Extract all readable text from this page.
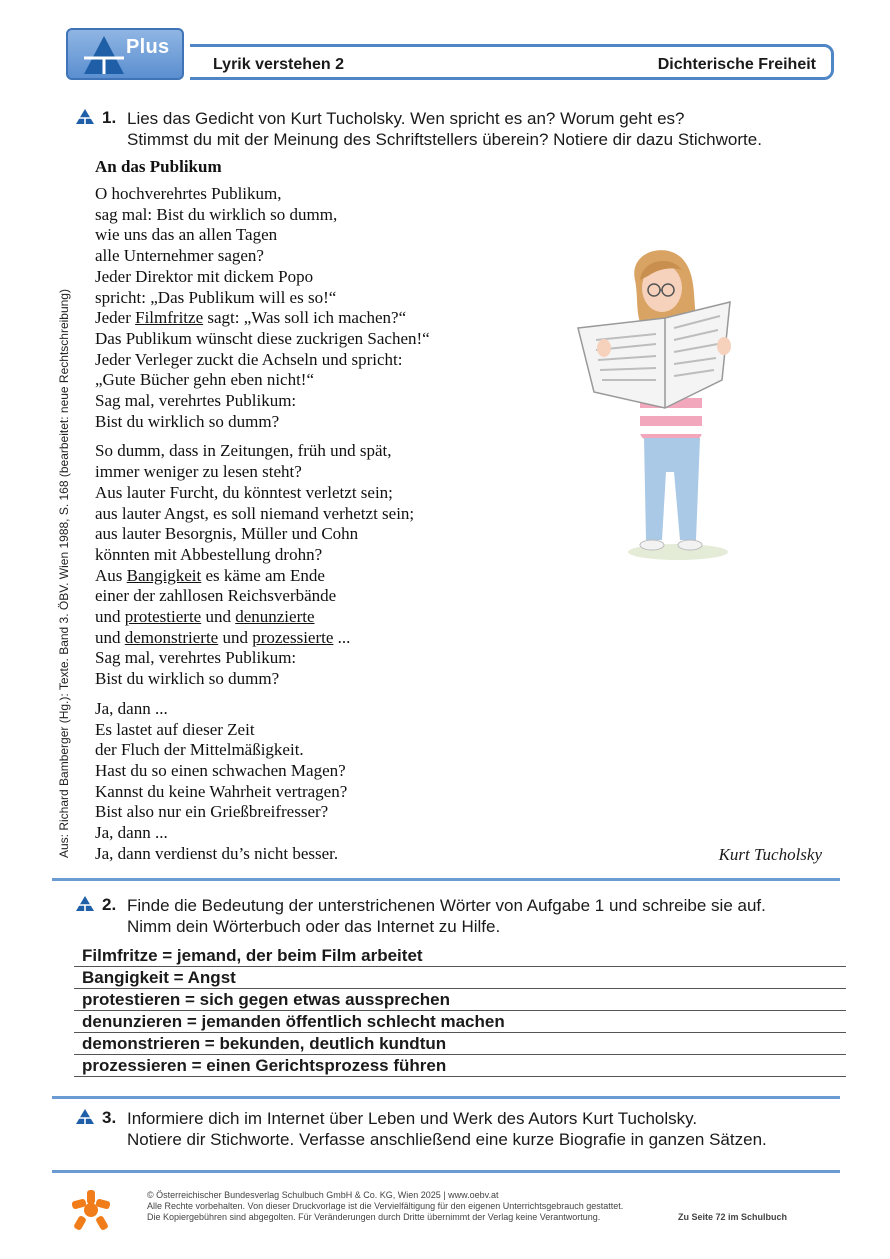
Plus
Lyrik verstehen 2	Dichterische Freiheit
Aus: Richard Bamberger (Hg.): Texte. Band 3. ÖBV. Wien 1988, S. 168 (bearbeitet: neue Rechtschreibung)
1. Lies das Gedicht von Kurt Tucholsky. Wen spricht es an? Worum geht es?
Stimmst du mit der Meinung des Schriftstellers überein? Notiere dir dazu Stichworte.
An das Publikum
O hochverehrtes Publikum,
sag mal: Bist du wirklich so dumm,
wie uns das an allen Tagen
alle Unternehmer sagen?
Jeder Direktor mit dickem Popo
spricht: „Das Publikum will es so!“
Jeder Filmfritze sagt: „Was soll ich machen?“
Das Publikum wünscht diese zuckrigen Sachen!“
Jeder Verleger zuckt die Achseln und spricht:
„Gute Bücher gehn eben nicht!“
Sag mal, verehrtes Publikum:
Bist du wirklich so dumm?
So dumm, dass in Zeitungen, früh und spät,
immer weniger zu lesen steht?
Aus lauter Furcht, du könntest verletzt sein;
aus lauter Angst, es soll niemand verhetzt sein;
aus lauter Besorgnis, Müller und Cohn
könnten mit Abbestellung drohn?
Aus Bangigkeit es käme am Ende
einer der zahllosen Reichsverbände
und protestierte und denunzierte
und demonstrierte und prozessierte ...
Sag mal, verehrtes Publikum:
Bist du wirklich so dumm?
Ja, dann ...
Es lastet auf dieser Zeit
der Fluch der Mittelmäßigkeit.
Hast du so einen schwachen Magen?
Kannst du keine Wahrheit vertragen?
Bist also nur ein Grießbreifresser?
Ja, dann ...
Ja, dann verdienst du’s nicht besser.	Kurt Tucholsky
2. Finde die Bedeutung der unterstrichenen Wörter von Aufgabe 1 und schreibe sie auf.
Nimm dein Wörterbuch oder das Internet zu Hilfe.
Filmfritze = jemand, der beim Film arbeitet
Bangigkeit = Angst
protestieren = sich gegen etwas aussprechen
denunzieren = jemanden öffentlich schlecht machen
demonstrieren = bekunden, deutlich kundtun
prozessieren = einen Gerichtsprozess führen
3. Informiere dich im Internet über Leben und Werk des Autors Kurt Tucholsky.
Notiere dir Stichworte. Verfasse anschließend eine kurze Biografie in ganzen Sätzen.
© Österreichischer Bundesverlag Schulbuch GmbH & Co. KG, Wien 2025 | www.oebv.at
Alle Rechte vorbehalten. Von dieser Druckvorlage ist die Vervielfältigung für den eigenen Unterrichtsgebrauch gestattet.
Die Kopiergebühren sind abgegolten. Für Veränderungen durch Dritte übernimmt der Verlag keine Verantwortung.	Zu Seite 72 im Schulbuch
